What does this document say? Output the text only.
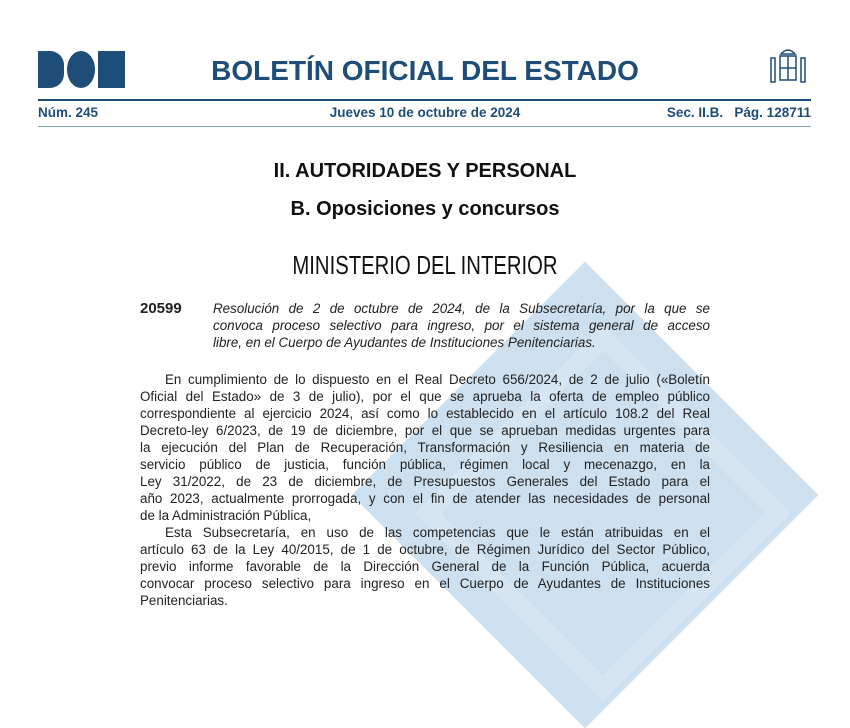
BOLETÍN OFICIAL DEL ESTADO
Núm. 245	Jueves 10 de octubre de 2024	Sec. II.B. Pág. 128711
II. AUTORIDADES Y PERSONAL
B. Oposiciones y concursos
MINISTERIO DEL INTERIOR
20599 Resolución de 2 de octubre de 2024, de la Subsecretaría, por la que se
convoca proceso selectivo para ingreso, por el sistema general de acceso
libre, en el Cuerpo de Ayudantes de Instituciones Penitenciarias.
En cumplimiento de lo dispuesto en el Real Decreto 656/2024, de 2 de julio («Boletín
Oficial del Estado» de 3 de julio), por el que se aprueba la oferta de empleo público
correspondiente al ejercicio 2024, así como lo establecido en el artículo 108.2 del Real
Decreto-ley 6/2023, de 19 de diciembre, por el que se aprueban medidas urgentes para
la ejecución del Plan de Recuperación, Transformación y Resiliencia en materia de
servicio público de justicia, función pública, régimen local y mecenazgo, en la
Ley 31/2022, de 23 de diciembre, de Presupuestos Generales del Estado para el
año 2023, actualmente prorrogada, y con el fin de atender las necesidades de personal
de la Administración Pública,
Esta Subsecretaría, en uso de las competencias que le están atribuidas en el
artículo 63 de la Ley 40/2015, de 1 de octubre, de Régimen Jurídico del Sector Público,
previo informe favorable de la Dirección General de la Función Pública, acuerda
convocar proceso selectivo para ingreso en el Cuerpo de Ayudantes de Instituciones
Penitenciarias.
